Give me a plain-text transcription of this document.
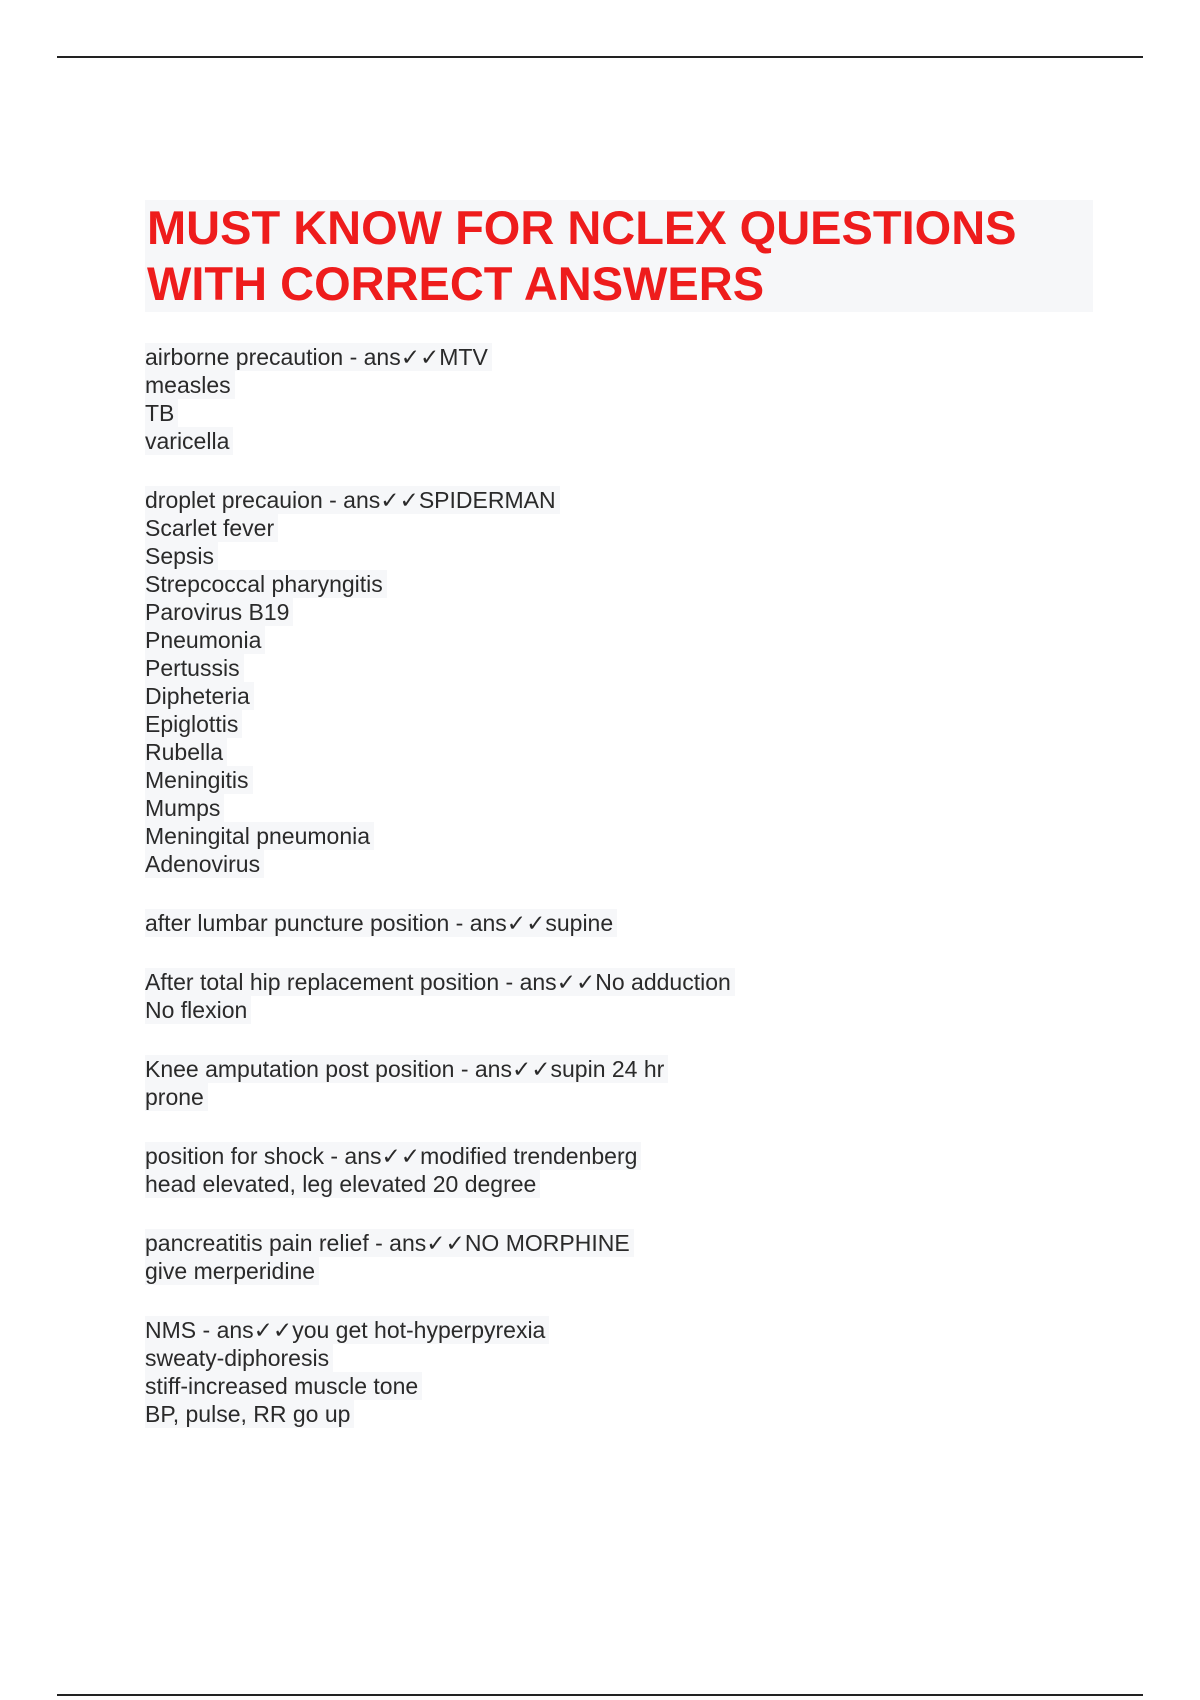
MUST KNOW FOR NCLEX QUESTIONS
WITH CORRECT ANSWERS
airborne precaution - ans✓✓MTV
measles
TB
varicella
droplet precauion - ans✓✓SPIDERMAN
Scarlet fever
Sepsis
Strepcoccal pharyngitis
Parovirus B19
Pneumonia
Pertussis
Dipheteria
Epiglottis
Rubella
Meningitis
Mumps
Meningital pneumonia
Adenovirus
after lumbar puncture position - ans✓✓supine
After total hip replacement position - ans✓✓No adduction
No flexion
Knee amputation post position - ans✓✓supin 24 hr
prone
position for shock - ans✓✓modified trendenberg
head elevated, leg elevated 20 degree
pancreatitis pain relief - ans✓✓NO MORPHINE
give merperidine
NMS - ans✓✓you get hot-hyperpyrexia
sweaty-diphoresis
stiff-increased muscle tone
BP, pulse, RR go up
